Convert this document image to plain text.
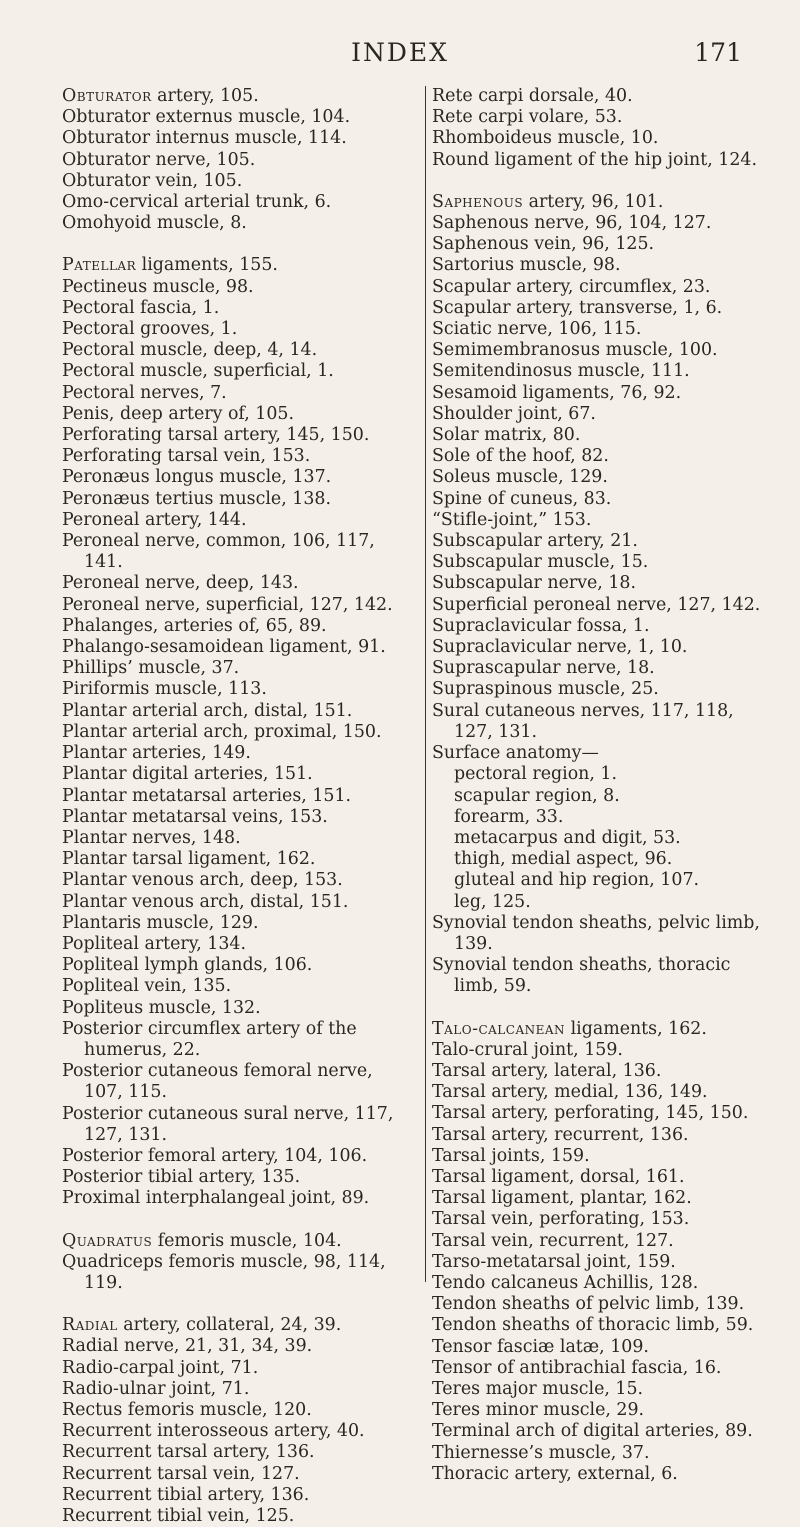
INDEX	171

Obturator artery, 105.

Obturator externus muscle, 104.

Obturator internus muscle, 114.

Obturator nerve, 105.

Obturator vein, 105.

Omo-cervical arterial trunk, 6.

Omohyoid muscle, 8.

Patellar ligaments, 155.

Pectineus muscle, 98.

Pectoral fascia, 1.

Pectoral grooves, 1.

Pectoral muscle, deep, 4, 14.

Pectoral muscle, superficial, 1.

Pectoral nerves, 7.

Penis, deep artery of, 105.

Perforating tarsal artery, 145, 150.

Perforating tarsal vein, 153.

Peronæus longus muscle, 137.

Peronæus tertius muscle, 138.

Peroneal artery, 144.

Peroneal nerve, common, 106, 117, 141.

Peroneal nerve, deep, 143.

Peroneal nerve, superficial, 127, 142.

Phalanges, arteries of, 65, 89.

Phalango-sesamoidean ligament, 91.

Phillips’ muscle, 37.

Piriformis muscle, 113.

Plantar arterial arch, distal, 151.

Plantar arterial arch, proximal, 150.

Plantar arteries, 149.

Plantar digital arteries, 151.

Plantar metatarsal arteries, 151.

Plantar metatarsal veins, 153.

Plantar nerves, 148.

Plantar tarsal ligament, 162.

Plantar venous arch, deep, 153.

Plantar venous arch, distal, 151.

Plantaris muscle, 129.

Popliteal artery, 134.

Popliteal lymph glands, 106.

Popliteal vein, 135.

Popliteus muscle, 132.

Posterior circumflex artery of the humerus, 22.

Posterior cutaneous femoral nerve, 107, 115.

Posterior cutaneous sural nerve, 117, 127, 131.

Posterior femoral artery, 104, 106.

Posterior tibial artery, 135.

Proximal interphalangeal joint, 89.

Quadratus femoris muscle, 104.

Quadriceps femoris muscle, 98, 114, 119.

Radial artery, collateral, 24, 39.

Radial nerve, 21, 31, 34, 39.

Radio-carpal joint, 71.

Radio-ulnar joint, 71.

Rectus femoris muscle, 120.

Recurrent interosseous artery, 40.

Recurrent tarsal artery, 136.

Recurrent tarsal vein, 127.

Recurrent tibial artery, 136.

Recurrent tibial vein, 125.

Rete carpi dorsale, 40.

Rete carpi volare, 53.

Rhomboideus muscle, 10.

Round ligament of the hip joint, 124.

Saphenous artery, 96, 101.

Saphenous nerve, 96, 104, 127.

Saphenous vein, 96, 125.

Sartorius muscle, 98.

Scapular artery, circumflex, 23.

Scapular artery, transverse, 1, 6.

Sciatic nerve, 106, 115.

Semimembranosus muscle, 100.

Semitendinosus muscle, 111.

Sesamoid ligaments, 76, 92.

Shoulder joint, 67.

Solar matrix, 80.

Sole of the hoof, 82.

Soleus muscle, 129.

Spine of cuneus, 83.

“Stifle-joint,” 153.

Subscapular artery, 21.

Subscapular muscle, 15.

Subscapular nerve, 18.

Superficial peroneal nerve, 127, 142.

Supraclavicular fossa, 1.

Supraclavicular nerve, 1, 10.

Suprascapular nerve, 18.

Supraspinous muscle, 25.

Sural cutaneous nerves, 117, 118, 127, 131.

Surface anatomy—

pectoral region, 1.

scapular region, 8.

forearm, 33.

metacarpus and digit, 53.

thigh, medial aspect, 96.

gluteal and hip region, 107.

leg, 125.

Synovial tendon sheaths, pelvic limb, 139.

Synovial tendon sheaths, thoracic limb, 59.

Talo-calcanean ligaments, 162.

Talo-crural joint, 159.

Tarsal artery, lateral, 136.

Tarsal artery, medial, 136, 149.

Tarsal artery, perforating, 145, 150.

Tarsal artery, recurrent, 136.

Tarsal joints, 159.

Tarsal ligament, dorsal, 161.

Tarsal ligament, plantar, 162.

Tarsal vein, perforating, 153.

Tarsal vein, recurrent, 127.

Tarso-metatarsal joint, 159.

Tendo calcaneus Achillis, 128.

Tendon sheaths of pelvic limb, 139.

Tendon sheaths of thoracic limb, 59.

Tensor fasciæ latæ, 109.

Tensor of antibrachial fascia, 16.

Teres major muscle, 15.

Teres minor muscle, 29.

Terminal arch of digital arteries, 89.

Thiernesse’s muscle, 37.

Thoracic artery, external, 6.
